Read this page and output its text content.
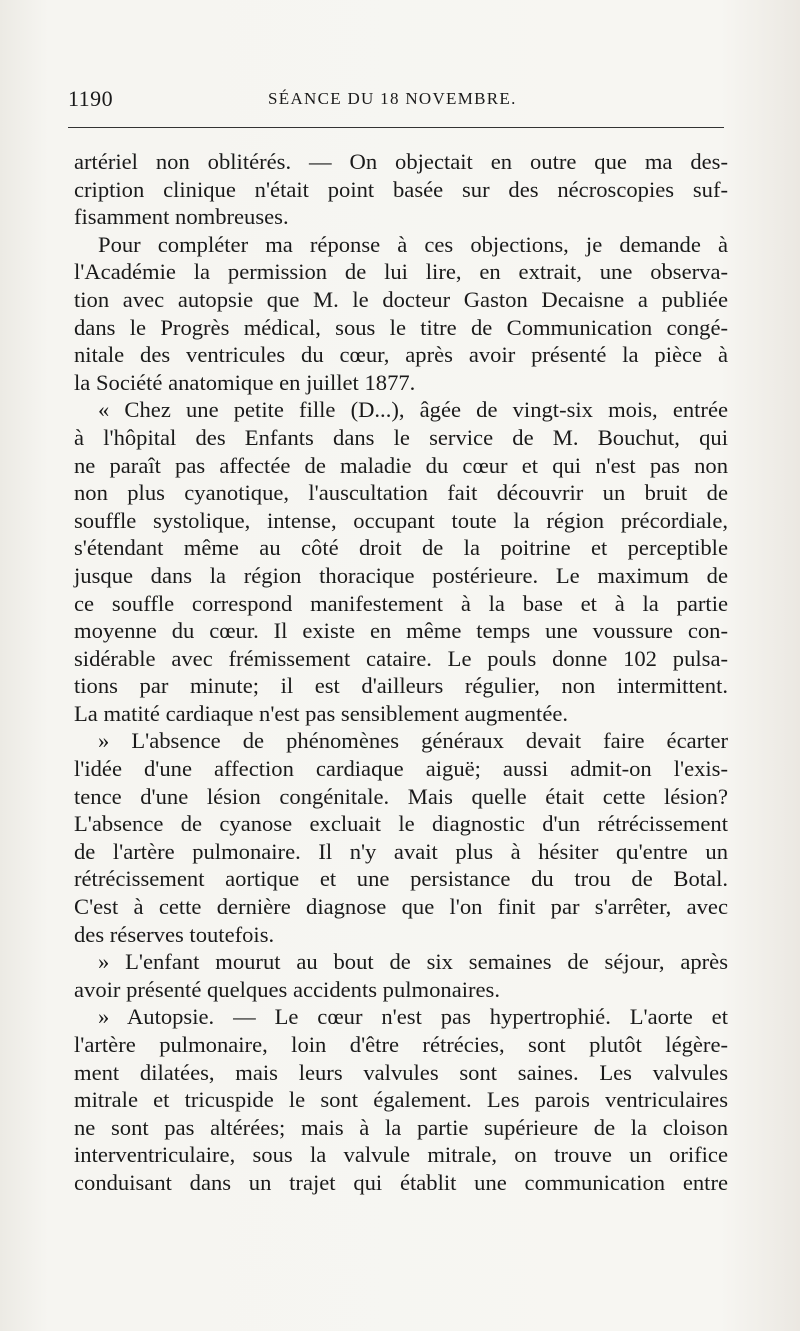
1190	SÉANCE DU 18 NOVEMBRE.
artériel non oblitérés. — On objectait en outre que ma des-
cription clinique n'était point basée sur des nécroscopies suf-
fisamment nombreuses.
Pour compléter ma réponse à ces objections, je demande à
l'Académie la permission de lui lire, en extrait, une observa-
tion avec autopsie que M. le docteur Gaston Decaisne a publiée
dans le Progrès médical, sous le titre de Communication congé-
nitale des ventricules du cœur, après avoir présenté la pièce à
la Société anatomique en juillet 1877.
« Chez une petite fille (D...), âgée de vingt-six mois, entrée
à l'hôpital des Enfants dans le service de M. Bouchut, qui
ne paraît pas affectée de maladie du cœur et qui n'est pas non
non plus cyanotique, l'auscultation fait découvrir un bruit de
souffle systolique, intense, occupant toute la région précordiale,
s'étendant même au côté droit de la poitrine et perceptible
jusque dans la région thoracique postérieure. Le maximum de
ce souffle correspond manifestement à la base et à la partie
moyenne du cœur. Il existe en même temps une voussure con-
sidérable avec frémissement cataire. Le pouls donne 102 pulsa-
tions par minute; il est d'ailleurs régulier, non intermittent.
La matité cardiaque n'est pas sensiblement augmentée.
» L'absence de phénomènes généraux devait faire écarter
l'idée d'une affection cardiaque aiguë; aussi admit-on l'exis-
tence d'une lésion congénitale. Mais quelle était cette lésion?
L'absence de cyanose excluait le diagnostic d'un rétrécissement
de l'artère pulmonaire. Il n'y avait plus à hésiter qu'entre un
rétrécissement aortique et une persistance du trou de Botal.
C'est à cette dernière diagnose que l'on finit par s'arrêter, avec
des réserves toutefois.
» L'enfant mourut au bout de six semaines de séjour, après
avoir présenté quelques accidents pulmonaires.
» Autopsie. — Le cœur n'est pas hypertrophié. L'aorte et
l'artère pulmonaire, loin d'être rétrécies, sont plutôt légère-
ment dilatées, mais leurs valvules sont saines. Les valvules
mitrale et tricuspide le sont également. Les parois ventriculaires
ne sont pas altérées; mais à la partie supérieure de la cloison
interventriculaire, sous la valvule mitrale, on trouve un orifice
conduisant dans un trajet qui établit une communication entre
